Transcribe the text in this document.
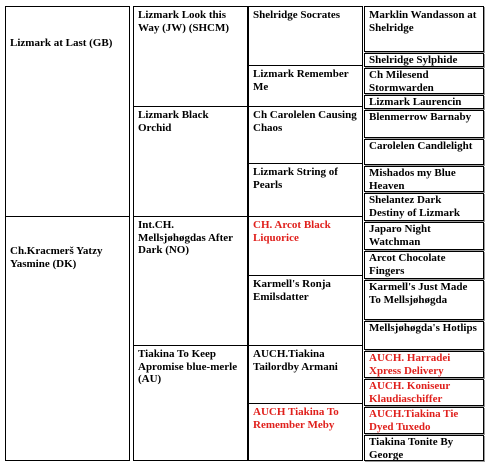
Lizmark at Last (GB)
Ch.Kracmerš Yatzy Yasmine (DK)
Lizmark Look this Way (JW) (SHCM)
Lizmark Black Orchid
Int.CH. Mellsjøhøgdas After Dark (NO)
Tiakina To Keep Apromise blue-merle (AU)
Shelridge Socrates
Lizmark Remember Me
Ch Carolelen Causing Chaos
Lizmark String of Pearls
CH. Arcot Black Liquorice
Karmell's Ronja Emilsdatter
AUCH.Tiakina Tailordby Armani
AUCH Tiakina To Remember Meby
Marklin Wandasson at Shelridge
Shelridge Sylphide
Ch Milesend Stormwarden
Lizmark Laurencin
Blenmerrow Barnaby
Carolelen Candlelight
Mishados my Blue Heaven
Shelantez Dark Destiny of Lizmark
Japaro Night Watchman
Arcot Chocolate Fingers
Karmell's Just Made To Mellsjøhøgda
Mellsjøhøgda's Hotlips
AUCH. Harradei Xpress Delivery
AUCH. Koniseur Klaudiaschiffer
AUCH.Tiakina Tie Dyed Tuxedo
Tiakina Tonite By George
